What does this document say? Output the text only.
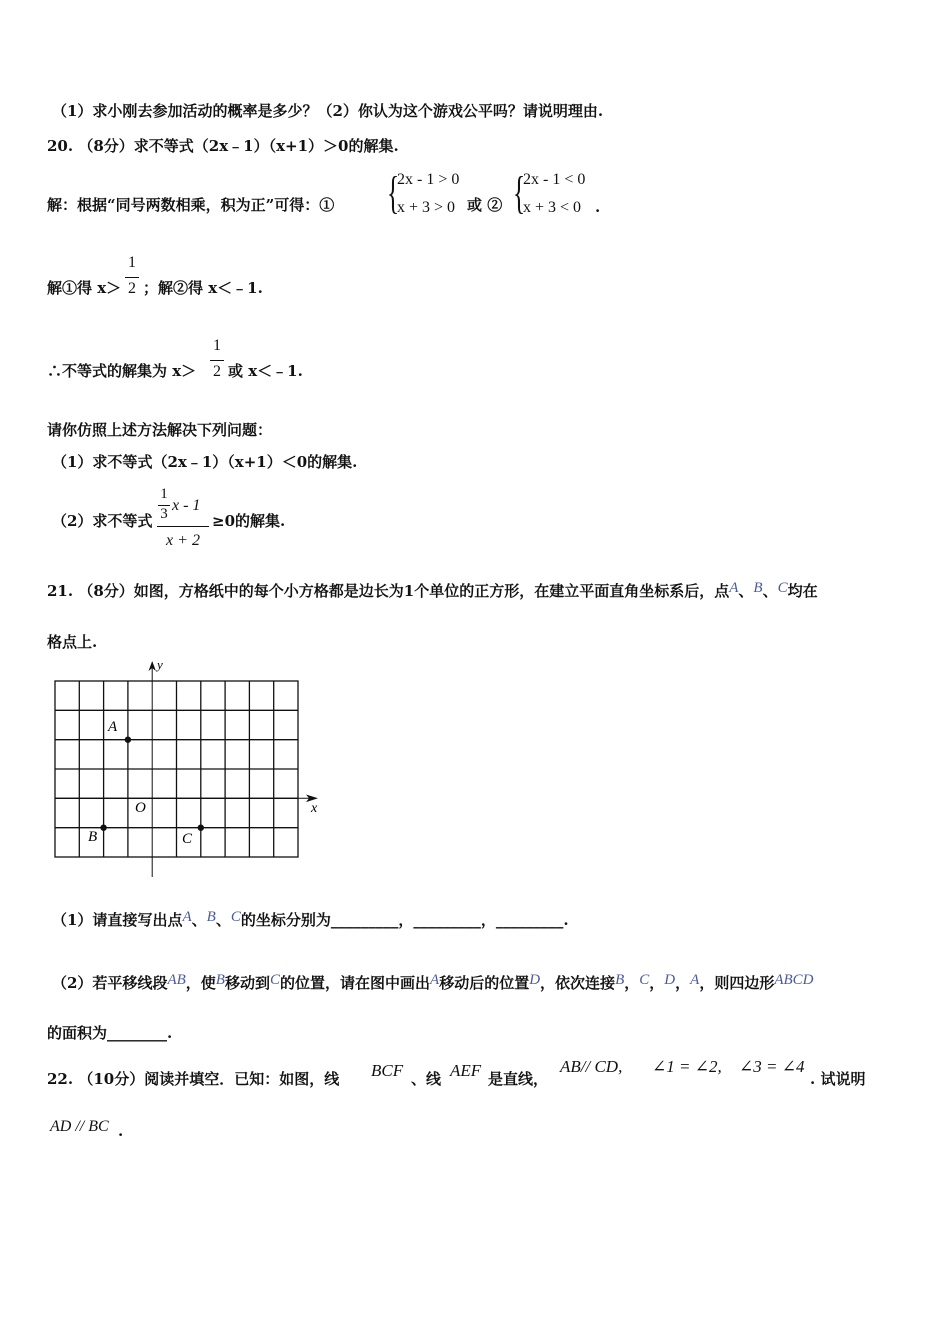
（1）求小刚去参加活动的概率是多少？（2）你认为这个游戏公平吗？请说明理由.
20. （8分）求不等式（2x﹣1）（x+1）＞0的解集.
解：根据“同号两数相乘，积为正”可得：① {
2x - 1 > 0
x + 3 > 0 或 ② {
2x - 1 < 0
x + 3 < 0 .
解①得 x＞
1
2 ；解②得 x＜﹣1.
∴不等式的解集为 x＞
1
2 或 x＜﹣1.
请你仿照上述方法解决下列问题：
（1）求不等式（2x﹣1）（x+1）＜0的解集.
（2）求不等式
1
3 x - 1
x + 2
≥0的解集.
21. （8分）如图，方格纸中的每个小方格都是边长为1个单位的正方形，在建立平面直角坐标系后，点A、B、C均在
格点上.
y
x
O
A
B	C
（1）请直接写出点A、B、C的坐标分别为_________，_________，_________.
（2）若平移线段AB，使B移动到C的位置，请在图中画出A移动后的位置D，依次连接B，C，D，A，则四边形ABCD
的面积为________.
22. （10分）阅读并填空．已知：如图，线 BCF 、线 AEF 是直线，
AB// CD, ∠1 = ∠2, ∠3 = ∠4
. 试说明
AD // BC .
